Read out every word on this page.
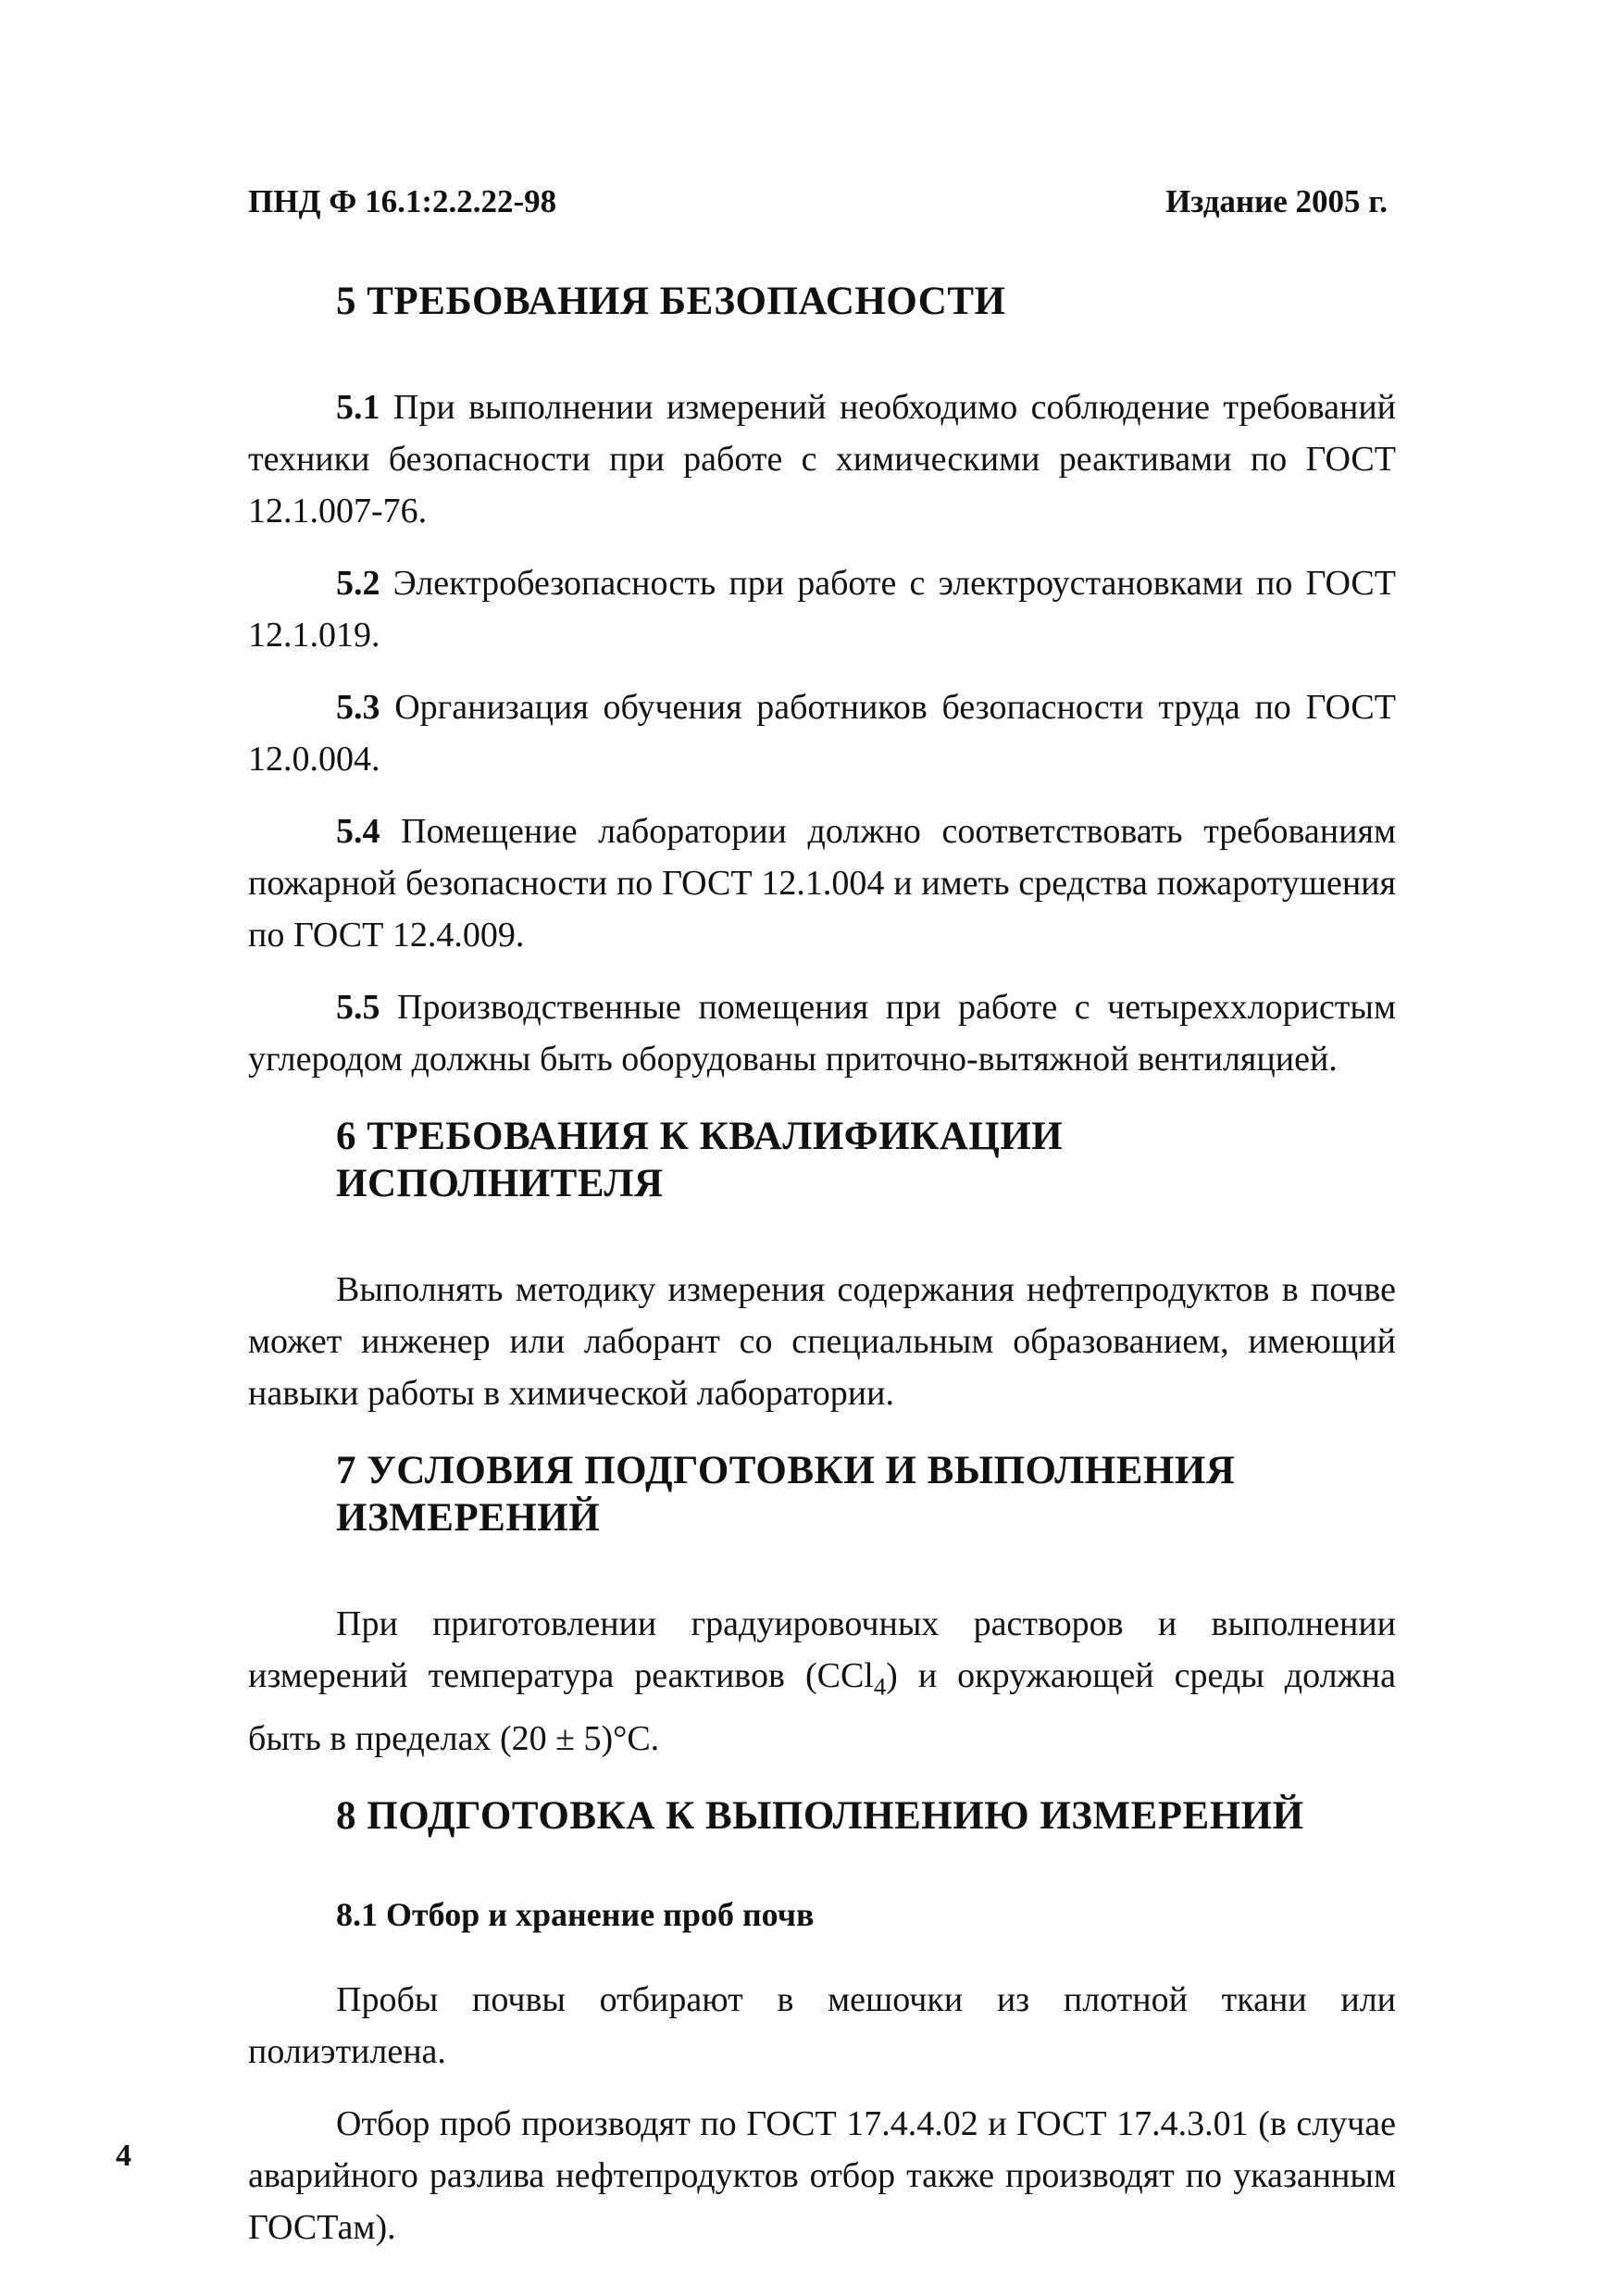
ПНД Ф 16.1:2.2.22-98	Издание 2005 г.
5 ТРЕБОВАНИЯ БЕЗОПАСНОСТИ

5.1 При выполнении измерений необходимо соблюдение требований техники безопасности при работе с химическими реактивами по ГОСТ 12.1.007-76.

5.2 Электробезопасность при работе с электроустановками по ГОСТ 12.1.019.

5.3 Организация обучения работников безопасности труда по ГОСТ 12.0.004.

5.4 Помещение лаборатории должно соответствовать требованиям пожарной безопасности по ГОСТ 12.1.004 и иметь средства пожаротушения по ГОСТ 12.4.009.

5.5 Производственные помещения при работе с четыреххлористым углеродом должны быть оборудованы приточно-вытяжной вентиляцией.

6 ТРЕБОВАНИЯ К КВАЛИФИКАЦИИ ИСПОЛНИТЕЛЯ

Выполнять методику измерения содержания нефтепродуктов в почве может инженер или лаборант со специальным образованием, имеющий навыки работы в химической лаборатории.

7 УСЛОВИЯ ПОДГОТОВКИ И ВЫПОЛНЕНИЯ ИЗМЕРЕНИЙ

При приготовлении градуировочных растворов и выполнении измерений температура реактивов (CCl$_4$) и окружающей среды должна быть в пределах (20 ± 5)°С.

8 ПОДГОТОВКА К ВЫПОЛНЕНИЮ ИЗМЕРЕНИЙ
8.1 Отбор и хранение проб почв

Пробы почвы отбирают в мешочки из плотной ткани или полиэтилена.

Отбор проб производят по ГОСТ 17.4.4.02 и ГОСТ 17.4.3.01 (в случае аварийного разлива нефтепродуктов отбор также производят по указанным ГОСТам).

4
